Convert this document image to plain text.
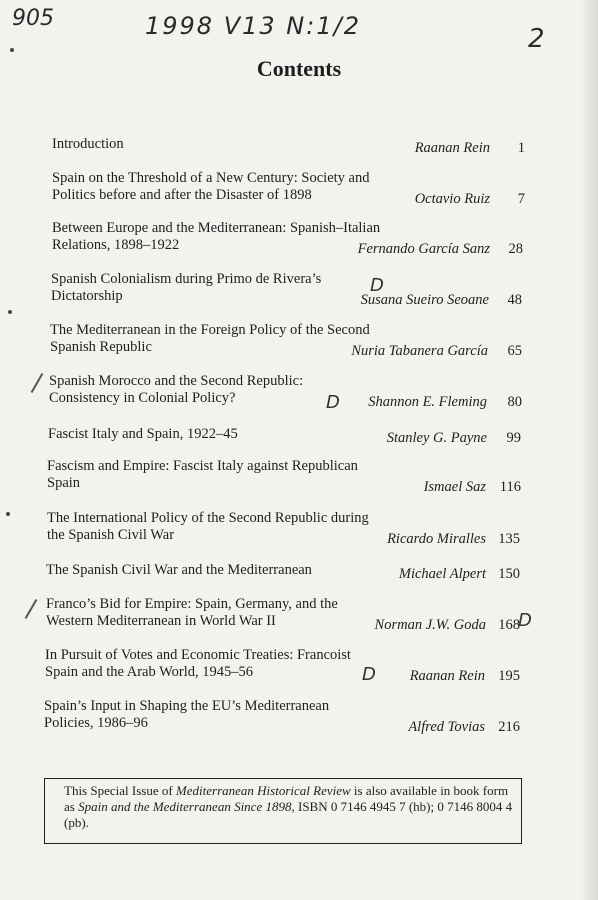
905	1998 V13 N:1/2	2
Contents
Introduction	Raanan Rein 1
Spain on the Threshold of a New Century: Society and
Politics before and after the Disaster of 1898	Octavio Ruiz 7
Between Europe and the Mediterranean: Spanish–Italian
Relations, 1898–1922	Fernando García Sanz 28
Spanish Colonialism during Primo de Rivera’s
Dictatorship	Susana Sueiro Seoane 48
The Mediterranean in the Foreign Policy of the Second
Spanish Republic	Nuria Tabanera García 65
Spanish Morocco and the Second Republic:
Consistency in Colonial Policy?	Shannon E. Fleming 80
Fascist Italy and Spain, 1922–45	Stanley G. Payne 99
Fascism and Empire: Fascist Italy against Republican
Spain	Ismael Saz 116
The International Policy of the Second Republic during
the Spanish Civil War	Ricardo Miralles 135
The Spanish Civil War and the Mediterranean	Michael Alpert 150
Franco’s Bid for Empire: Spain, Germany, and the
Western Mediterranean in World War II	Norman J.W. Goda 168
In Pursuit of Votes and Economic Treaties: Francoist
Spain and the Arab World, 1945–56	Raanan Rein 195
Spain’s Input in Shaping the EU’s Mediterranean
Policies, 1986–96	Alfred Tovias 216
This Special Issue of Mediterranean Historical Review is also available in book form as Spain and the Mediterranean Since 1898, ISBN 0 7146 4945 7 (hb); 0 7146 8004 4 (pb).
D
D
D
D
